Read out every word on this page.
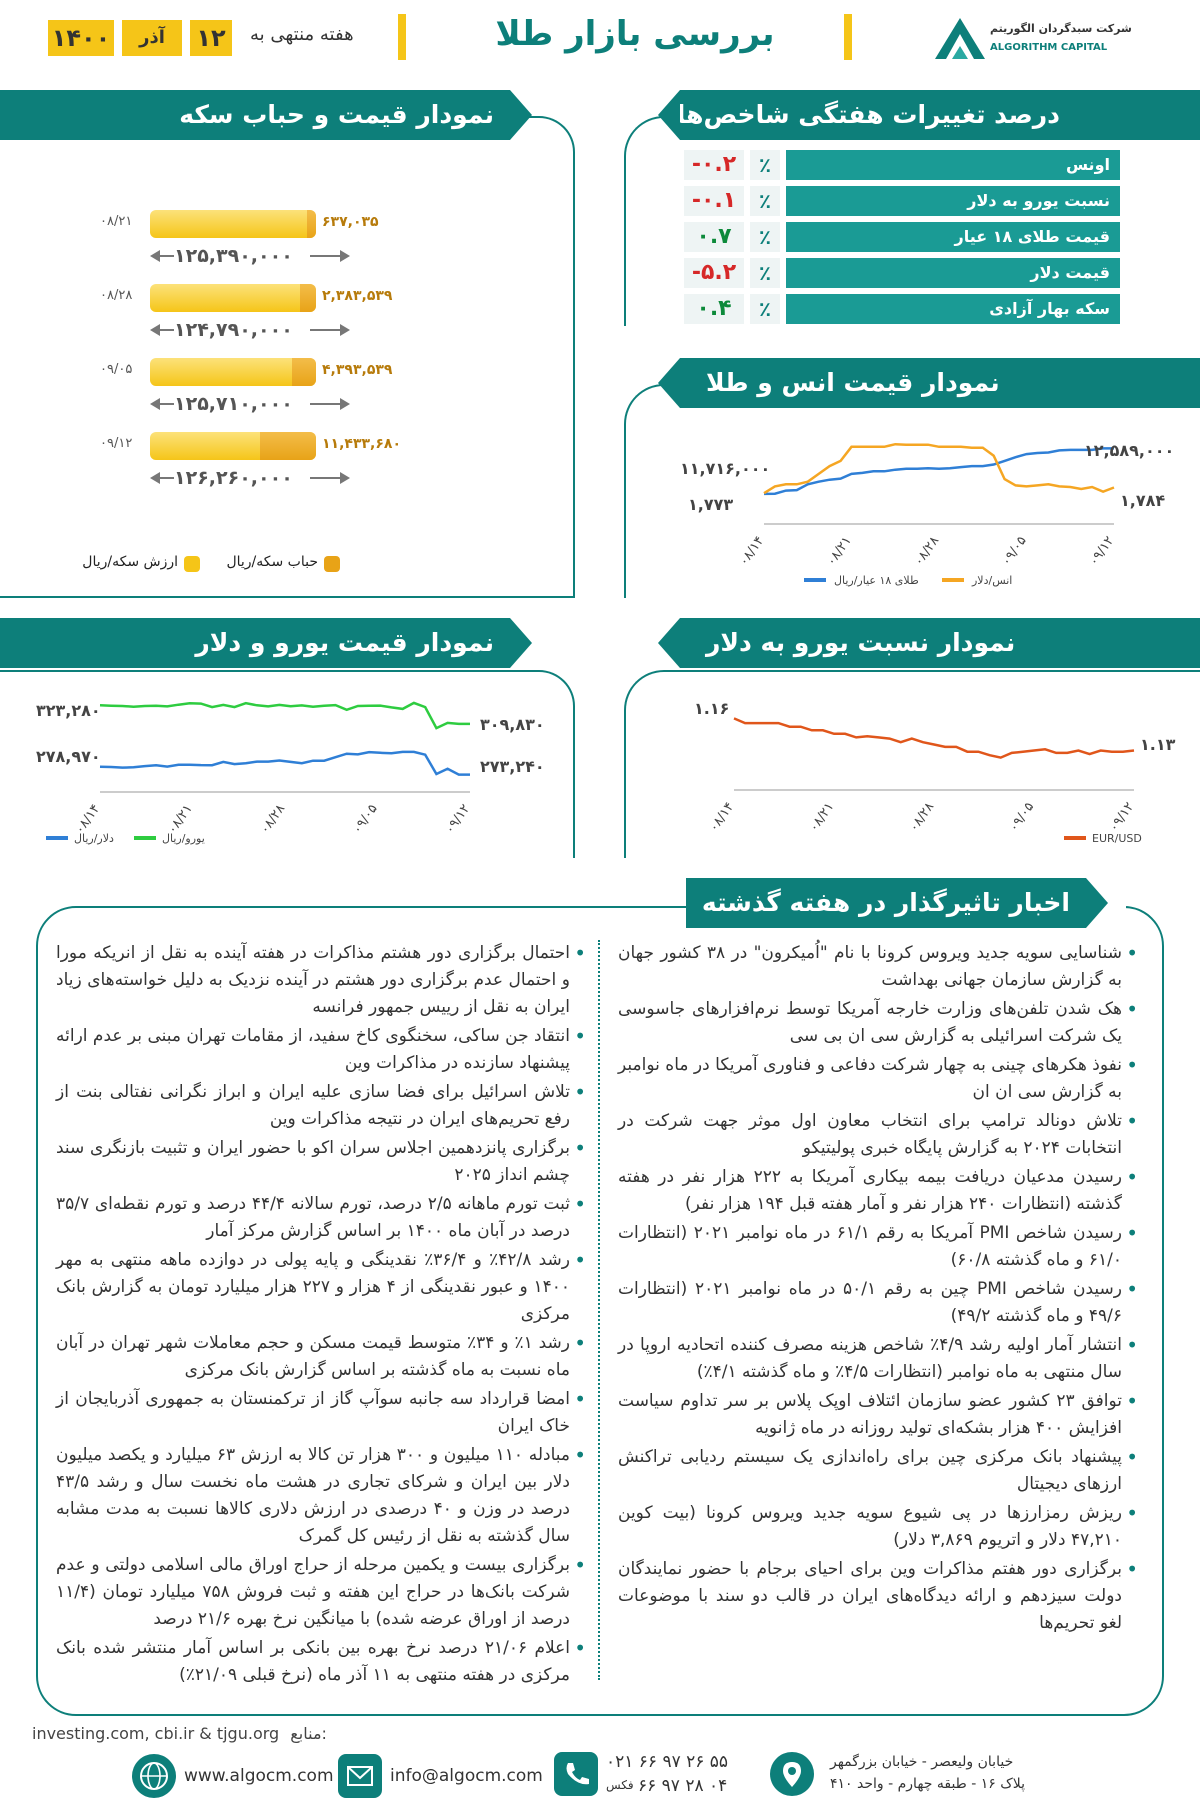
شرکت سبدگردان الگوریتم
ALGORITHM CAPITAL
بررسی بازار طلا
هفته منتهی به
۱۲
آذر
۱۴۰۰
درصد تغییرات هفتگی شاخص‌ها
-۰.۲	٪	اونس
-۰.۱	٪	نسبت یورو به دلار
۰.۷	٪	قیمت طلای ۱۸ عیار
-۵.۲	٪	قیمت دلار
۰.۴	٪	سکه بهار آزادی
نمودار قیمت و حباب سکه
۰۸/۲۱	۶۳۷,۰۳۵
۱۲۵,۳۹۰,۰۰۰
۰۸/۲۸	۲,۳۸۳,۵۳۹
۱۲۴,۷۹۰,۰۰۰
۰۹/۰۵	۴,۳۹۳,۵۳۹
۱۲۵,۷۱۰,۰۰۰
۰۹/۱۲	۱۱,۴۳۳,۶۸۰
۱۲۶,۲۶۰,۰۰۰
حباب سکه/ریال
ارزش سکه/ریال
نمودار قیمت انس و طلا
۰۸/۱۴	۰۸/۲۱	۰۸/۲۸	۰۹/۰۵	۰۹/۱۲
۱۱,۷۱۶,۰۰۰
۱,۷۷۳
۱۲,۵۸۹,۰۰۰
۱,۷۸۴
انس/دلار
طلای ۱۸ عیار/ریال
نمودار قیمت یورو و دلار
۰۸/۱۴	۰۸/۲۱	۰۸/۲۸	۰۹/۰۵	۰۹/۱۲
۳۲۳,۲۸۰
۲۷۸,۹۷۰
۳۰۹,۸۳۰
۲۷۳,۲۴۰
دلار/ریال	یورو/ریال
نمودار نسبت یورو به دلار
۰۸/۱۴	۰۸/۲۱	۰۸/۲۸	۰۹/۰۵	۰۹/۱۲
۱.۱۶
۱.۱۳
EUR/USD
اخبار تاثیرگذار در هفته گذشته
• شناسایی سویه جدید ویروس کرونا با نام "اُمیکرون" در ۳۸ کشور جهان به گزارش سازمان جهانی بهداشت
• هک شدن تلفن‌های وزارت خارجه آمریکا توسط نرم‌افزارهای جاسوسی یک شرکت اسرائیلی به گزارش سی ان بی سی
• نفوذ هکرهای چینی به چهار شرکت دفاعی و فناوری آمریکا در ماه نوامبر به گزارش سی ان ان
• تلاش دونالد ترامپ برای انتخاب معاون اول موثر جهت شرکت در انتخابات ۲۰۲۴ به گزارش پایگاه خبری پولیتیکو
• رسیدن مدعیان دریافت بیمه بیکاری آمریکا به ۲۲۲ هزار نفر در هفته گذشته (انتظارات ۲۴۰ هزار نفر و آمار هفته قبل ۱۹۴ هزار نفر)
• رسیدن شاخص PMI آمریکا به رقم ۶۱/۱ در ماه نوامبر ۲۰۲۱ (انتظارات ۶۱/۰ و ماه گذشته ۶۰/۸)
• رسیدن شاخص PMI چین به رقم ۵۰/۱ در ماه نوامبر ۲۰۲۱ (انتظارات ۴۹/۶ و ماه گذشته ۴۹/۲)
• انتشار آمار اولیه رشد ۴/۹٪ شاخص هزینه مصرف کننده اتحادیه اروپا در سال منتهی به ماه نوامبر (انتظارات ۴/۵٪ و ماه گذشته ۴/۱٪)
• توافق ۲۳ کشور عضو سازمان ائتلاف اوپک پلاس بر سر تداوم سیاست افزایش ۴۰۰ هزار بشکه‌ای تولید روزانه در ماه ژانویه
• پیشنهاد بانک مرکزی چین برای راه‌اندازی یک سیستم ردیابی تراکنش ارزهای دیجیتال
• ریزش رمزارزها در پی شیوع سویه جدید ویروس کرونا (بیت کوین ۴۷,۲۱۰ دلار و اتریوم ۳,۸۶۹ دلار)
• برگزاری دور هفتم مذاکرات وین برای احیای برجام با حضور نمایندگان دولت سیزدهم و ارائه دیدگاه‌های ایران در قالب دو سند با موضوعات لغو تحریم‌ها
• احتمال برگزاری دور هشتم مذاکرات در هفته آینده به نقل از انریکه مورا و احتمال عدم برگزاری دور هشتم در آینده نزدیک به دلیل خواسته‌های زیاد ایران به نقل از رییس جمهور فرانسه
• انتقاد جن ساکی، سخنگوی کاخ سفید، از مقامات تهران مبنی بر عدم ارائه پیشنهاد سازنده در مذاکرات وین
• تلاش اسرائیل برای فضا سازی علیه ایران و ابراز نگرانی نفتالی بنت از رفع تحریم‌های ایران در نتیجه مذاکرات وین
• برگزاری پانزدهمین اجلاس سران اکو با حضور ایران و تثبیت بازنگری سند چشم انداز ۲۰۲۵
• ثبت تورم ماهانه ۲/۵ درصد، تورم سالانه ۴۴/۴ درصد و تورم نقطه‌ای ۳۵/۷ درصد در آبان ماه ۱۴۰۰ بر اساس گزارش مرکز آمار
• رشد ۴۲/۸٪ و ۳۶/۴٪ نقدینگی و پایه پولی در دوازده ماهه منتهی به مهر ۱۴۰۰ و عبور نقدینگی از ۴ هزار و ۲۲۷ هزار میلیارد تومان به گزارش بانک مرکزی
• رشد ۱٪ و ۳۴٪ متوسط قیمت مسکن و حجم معاملات شهر تهران در آبان ماه نسبت به ماه گذشته بر اساس گزارش بانک مرکزی
• امضا قرارداد سه جانبه سوآپ گاز از ترکمنستان به جمهوری آذربایجان از خاک ایران
• مبادله ۱۱۰ میلیون و ۳۰۰ هزار تن کالا به ارزش ۶۳ میلیارد و یکصد میلیون دلار بین ایران و شرکای تجاری در هشت ماه نخست سال و رشد ۴۳/۵ درصد در وزن و ۴۰ درصدی در ارزش دلاری کالاها نسبت به مدت مشابه سال گذشته به نقل از رئیس کل گمرک
• برگزاری بیست و یکمین مرحله از حراج اوراق مالی اسلامی دولتی و عدم شرکت بانک‌ها در حراج این هفته و ثبت فروش ۷۵۸ میلیارد تومان (۱۱/۴ درصد از اوراق عرضه شده) با میانگین نرخ بهره ۲۱/۶ درصد
• اعلام ۲۱/۰۶ درصد نرخ بهره بین بانکی بر اساس آمار منتشر شده بانک مرکزی در هفته منتهی به ۱۱ آذر ماه (نرخ قبلی ۲۱/۰۹٪)
investing.com, cbi.ir & tjgu.org منابع:
www.algocm.com	info@algocm.com
۰۲۱ ۶۶ ۹۷ ۲۶ ۵۵
فکس ۶۶ ۹۷ ۲۸ ۰۴
خیابان ولیعصر - خیابان بزرگمهر
پلاک ۱۶ - طبقه چهارم - واحد ۴۱۰
